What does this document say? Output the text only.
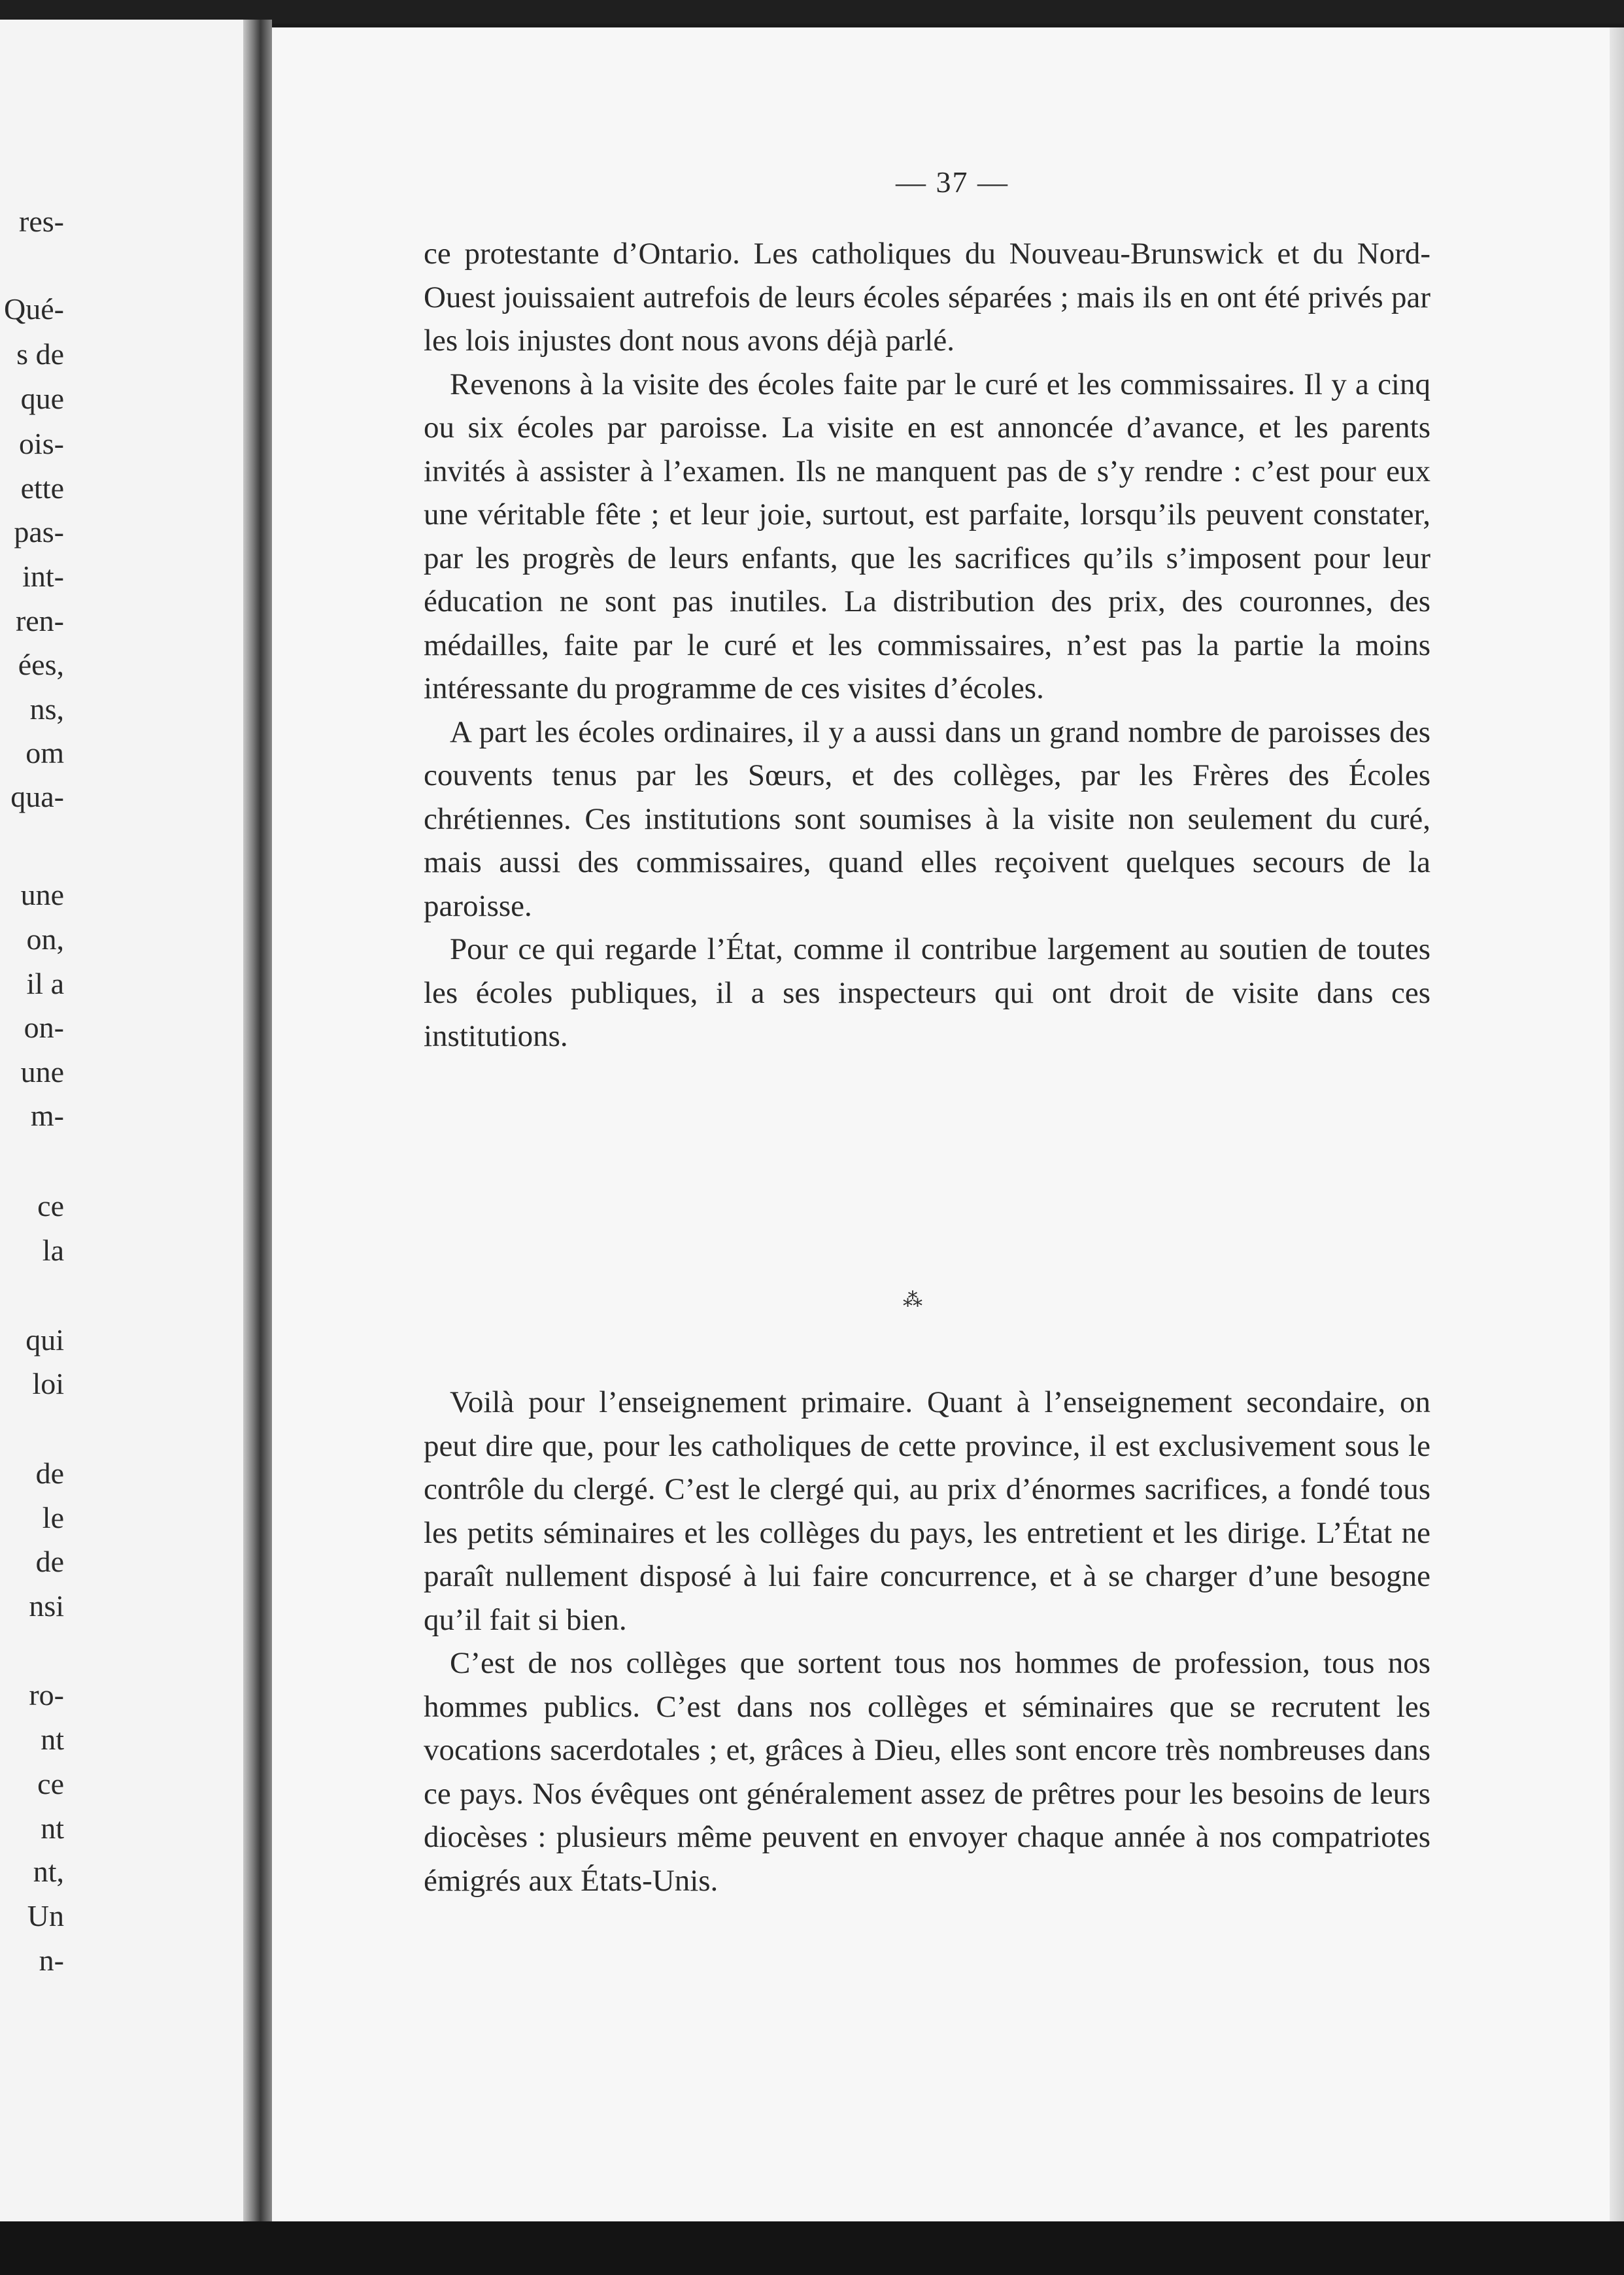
res-
Qué-
s de
que
ois-
ette
pas-
int-
ren-
ées,
ns,
om
qua-
une
on,
il a
on-
une
m-
ce
la
qui
loi
de
le
de
nsi
ro-
nt
ce
nt
nt,
Un
n-
— 37 —

ce protestante d’Ontario. Les catholiques du Nouveau-Brunswick et du Nord-Ouest jouissaient autrefois de leurs écoles séparées ; mais ils en ont été privés par les lois injustes dont nous avons déjà parlé.

Revenons à la visite des écoles faite par le curé et les commissaires. Il y a cinq ou six écoles par paroisse. La visite en est annoncée d’avance, et les parents invités à assister à l’examen. Ils ne manquent pas de s’y rendre : c’est pour eux une véritable fête ; et leur joie, surtout, est parfaite, lorsqu’ils peuvent constater, par les progrès de leurs enfants, que les sacrifices qu’ils s’imposent pour leur éducation ne sont pas inutiles. La distribution des prix, des couronnes, des médailles, faite par le curé et les commissaires, n’est pas la partie la moins intéressante du programme de ces visites d’écoles.

A part les écoles ordinaires, il y a aussi dans un grand nombre de paroisses des couvents tenus par les Sœurs, et des collèges, par les Frères des Écoles chrétiennes. Ces institutions sont soumises à la visite non seulement du curé, mais aussi des commissaires, quand elles reçoivent quelques secours de la paroisse.

Pour ce qui regarde l’État, comme il contribue largement au soutien de toutes les écoles publiques, il a ses inspecteurs qui ont droit de visite dans ces institutions.

⁂

Voilà pour l’enseignement primaire. Quant à l’enseignement secondaire, on peut dire que, pour les catholiques de cette province, il est exclusivement sous le contrôle du clergé. C’est le clergé qui, au prix d’énormes sacrifices, a fondé tous les petits séminaires et les collèges du pays, les entretient et les dirige. L’État ne paraît nullement disposé à lui faire concurrence, et à se charger d’une besogne qu’il fait si bien.

C’est de nos collèges que sortent tous nos hommes de profession, tous nos hommes publics. C’est dans nos collèges et séminaires que se recrutent les vocations sacerdotales ; et, grâces à Dieu, elles sont encore très nombreuses dans ce pays. Nos évêques ont généralement assez de prêtres pour les besoins de leurs diocèses : plusieurs même peuvent en envoyer chaque année à nos compatriotes émigrés aux États-Unis.
